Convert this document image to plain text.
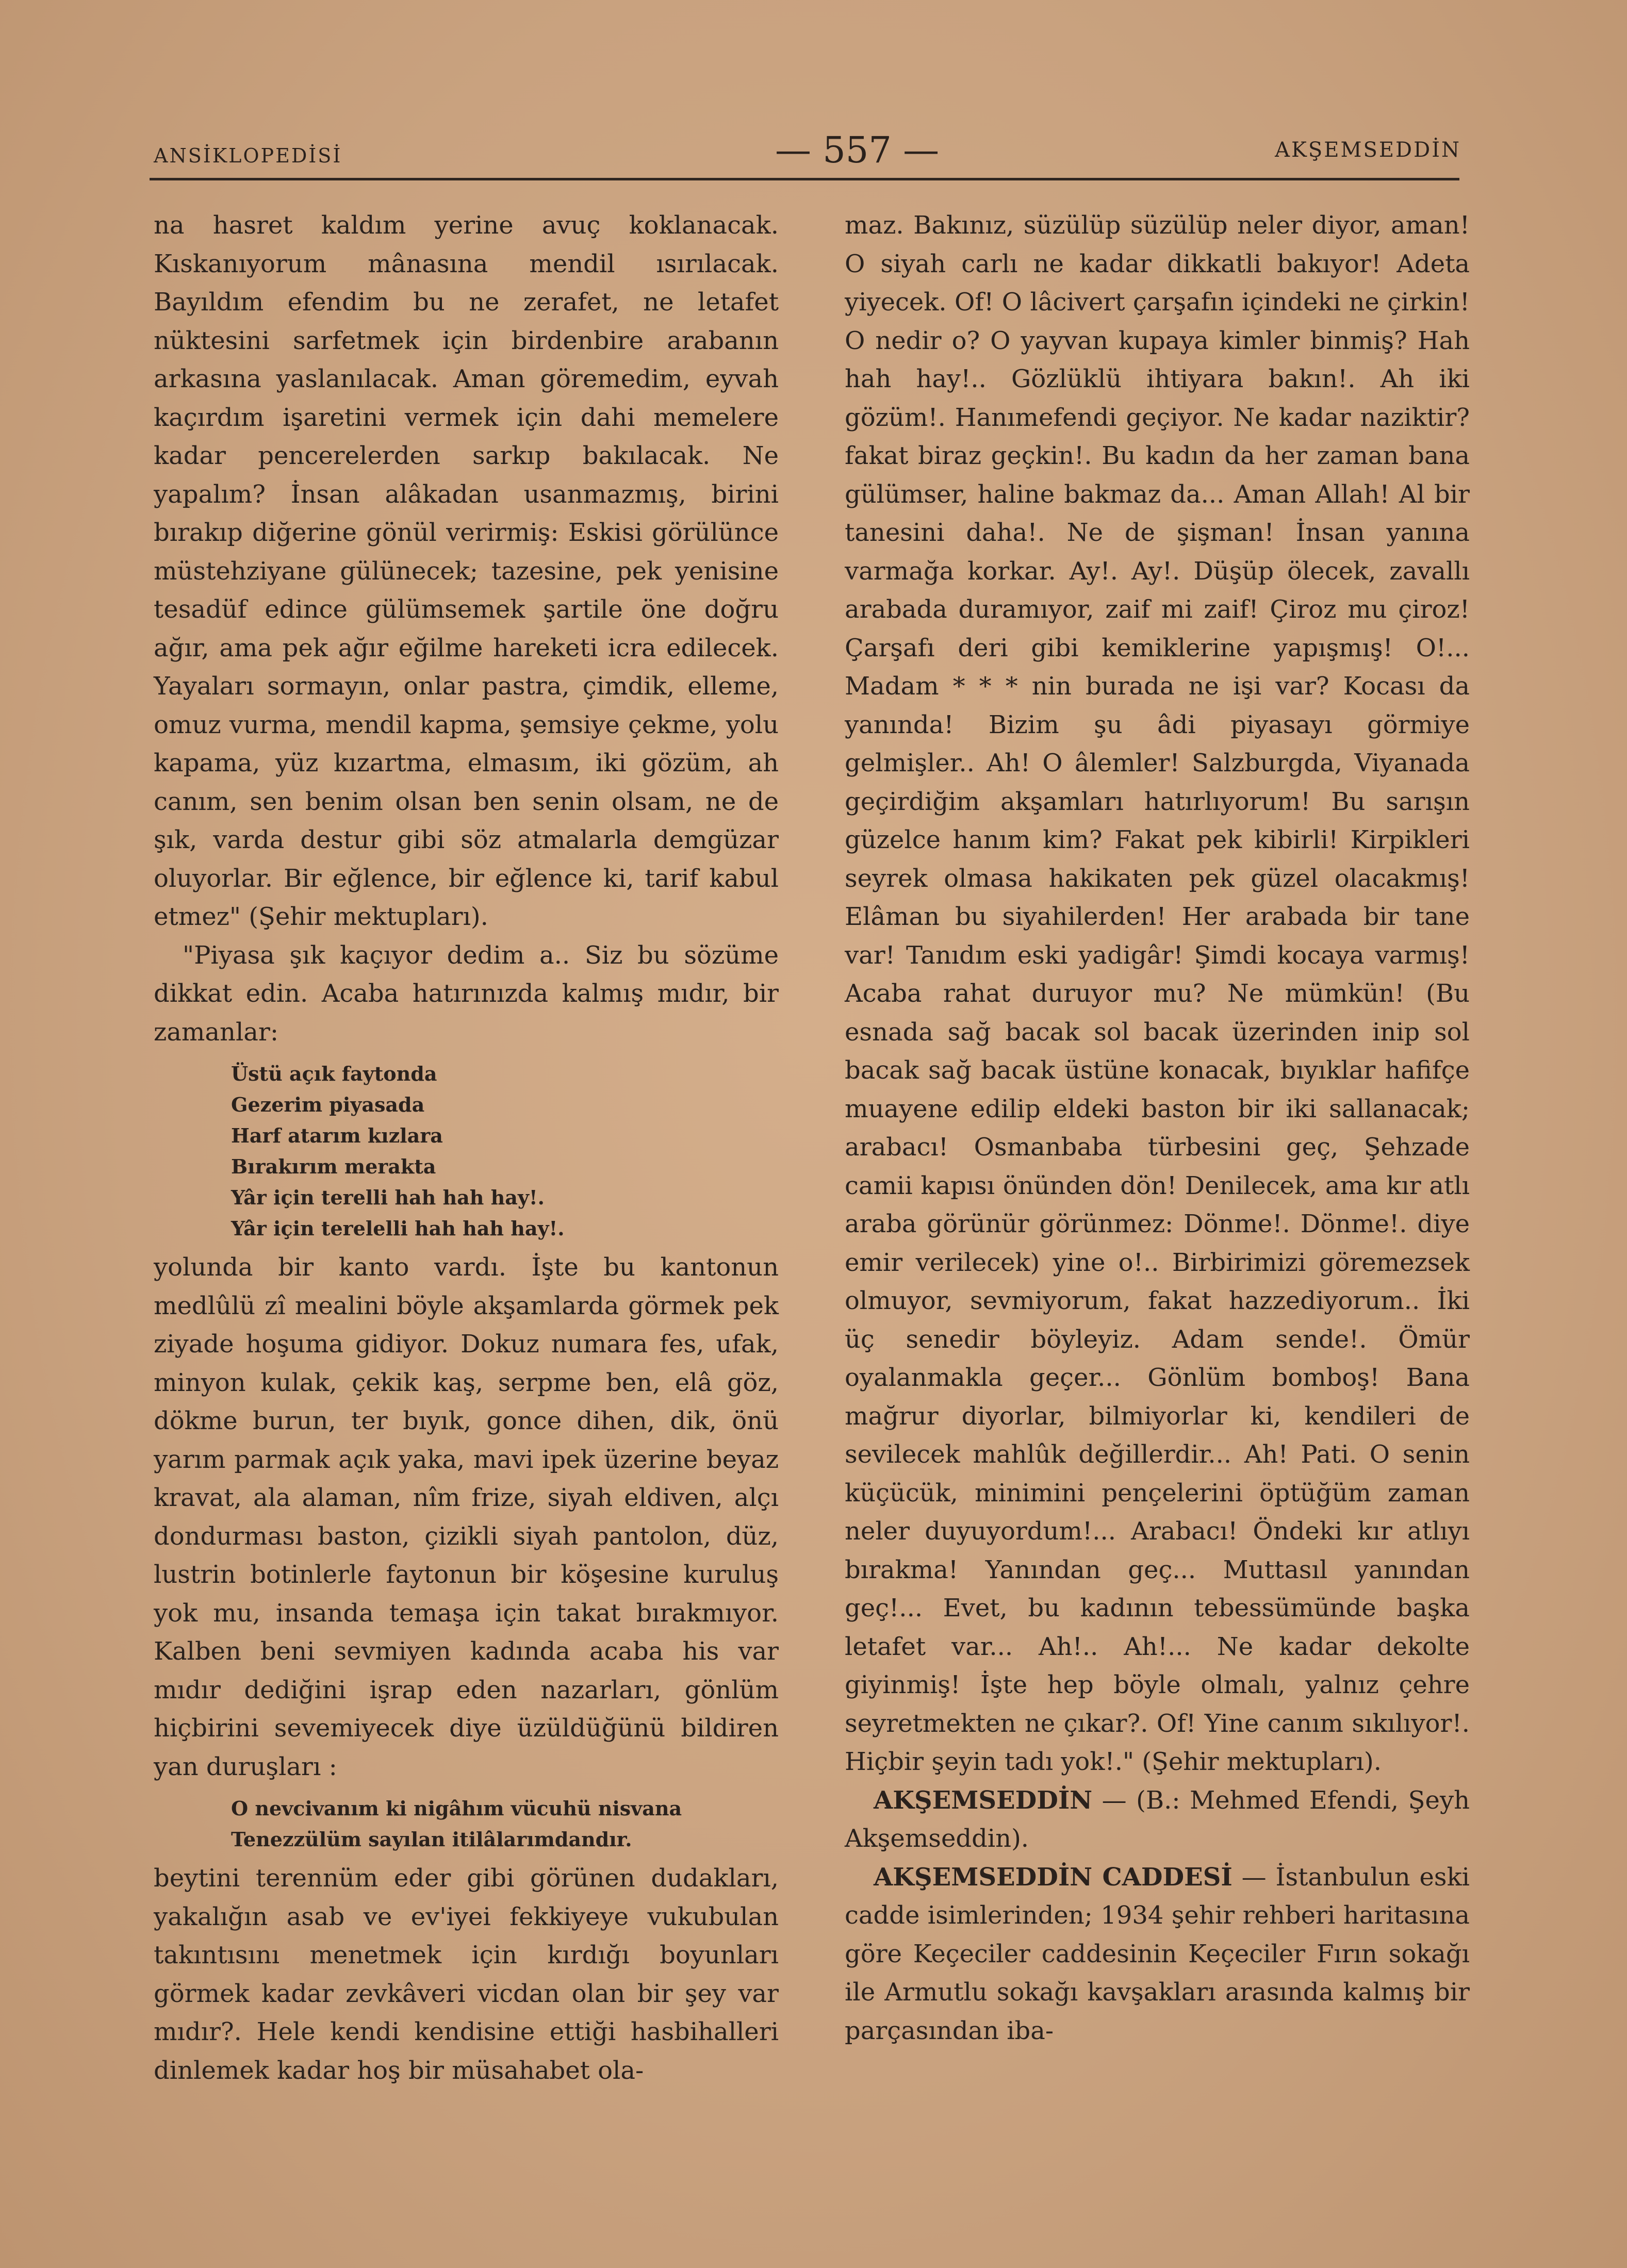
ANSİKLOPEDİSİ	— 557 —	AKŞEMSEDDİN

na hasret kaldım yerine avuç koklanacak. Kıskanıyorum mânasına mendil ısırılacak. Bayıldım efendim bu ne zerafet, ne letafet nüktesini sarfetmek için birdenbire arabanın arkasına yaslanılacak. Aman göremedim, eyvah kaçırdım işaretini vermek için dahi memelere kadar pencerelerden sarkıp bakılacak. Ne yapalım? İnsan alâkadan usanmazmış, birini bırakıp diğerine gönül verirmiş: Eskisi görülünce müstehziyane gülünecek; tazesine, pek yenisine tesadüf edince gülümsemek şartile öne doğru ağır, ama pek ağır eğilme hareketi icra edilecek. Yayaları sormayın, onlar pastra, çimdik, elleme, omuz vurma, mendil kapma, şemsiye çekme, yolu kapama, yüz kızartma, elmasım, iki gözüm, ah canım, sen benim olsan ben senin olsam, ne de şık, varda destur gibi söz atmalarla demgüzar oluyorlar. Bir eğlence, bir eğlence ki, tarif kabul etmez" (Şehir mektupları).

"Piyasa şık kaçıyor dedim a.. Siz bu sözüme dikkat edin. Acaba hatırınızda kalmış mıdır, bir zamanlar:

Üstü açık faytonda
Gezerim piyasada
Harf atarım kızlara
Bırakırım merakta
Yâr için terelli hah hah hay!.
Yâr için terelelli hah hah hay!.

yolunda bir kanto vardı. İşte bu kantonun medlûlü zî mealini böyle akşamlarda görmek pek ziyade hoşuma gidiyor. Dokuz numara fes, ufak, minyon kulak, çekik kaş, serpme ben, elâ göz, dökme burun, ter bıyık, gonce dihen, dik, önü yarım parmak açık yaka, mavi ipek üzerine beyaz kravat, ala alaman, nîm frize, siyah eldiven, alçı dondurması baston, çizikli siyah pantolon, düz, lustrin botinlerle faytonun bir köşesine kuruluş yok mu, insanda temaşa için takat bırakmıyor. Kalben beni sevmiyen kadında acaba his var mıdır dediğini işrap eden nazarları, gönlüm hiçbirini sevemiyecek diye üzüldüğünü bildiren yan duruşları :

O nevcivanım ki nigâhım vücuhü nisvana
Tenezzülüm sayılan itilâlarımdandır.

beytini terennüm eder gibi görünen dudakları, yakalığın asab ve ev'iyei fekkiyeye vukubulan takıntısını menetmek için kırdığı boyunları görmek kadar zevkâveri vicdan olan bir şey var mıdır?. Hele kendi kendisine ettiği hasbihalleri dinlemek kadar hoş bir müsahabet ola-

maz. Bakınız, süzülüp süzülüp neler diyor, aman! O siyah carlı ne kadar dikkatli bakıyor! Adeta yiyecek. Of! O lâcivert çarşafın içindeki ne çirkin! O nedir o? O yayvan kupaya kimler binmiş? Hah hah hay!.. Gözlüklü ihtiyara bakın!. Ah iki gözüm!. Hanımefendi geçiyor. Ne kadar naziktir? fakat biraz geçkin!. Bu kadın da her zaman bana gülümser, haline bakmaz da... Aman Allah! Al bir tanesini daha!. Ne de şişman! İnsan yanına varmağa korkar. Ay!. Ay!. Düşüp ölecek, zavallı arabada duramıyor, zaif mi zaif! Çiroz mu çiroz! Çarşafı deri gibi kemiklerine yapışmış! O!... Madam * * * nin burada ne işi var? Kocası da yanında! Bizim şu âdi piyasayı görmiye gelmişler.. Ah! O âlemler! Salzburgda, Viyanada geçirdiğim akşamları hatırlıyorum! Bu sarışın güzelce hanım kim? Fakat pek kibirli! Kirpikleri seyrek olmasa hakikaten pek güzel olacakmış! Elâman bu siyahilerden! Her arabada bir tane var! Tanıdım eski yadigâr! Şimdi kocaya varmış! Acaba rahat duruyor mu? Ne mümkün! (Bu esnada sağ bacak sol bacak üzerinden inip sol bacak sağ bacak üstüne konacak, bıyıklar hafifçe muayene edilip eldeki baston bir iki sallanacak; arabacı! Osmanbaba türbesini geç, Şehzade camii kapısı önünden dön! Denilecek, ama kır atlı araba görünür görünmez: Dönme!. Dönme!. diye emir verilecek) yine o!.. Birbirimizi göremezsek olmuyor, sevmiyorum, fakat hazzediyorum.. İki üç senedir böyleyiz. Adam sende!. Ömür oyalanmakla geçer... Gönlüm bomboş! Bana mağrur diyorlar, bilmiyorlar ki, kendileri de sevilecek mahlûk değillerdir... Ah! Pati. O senin küçücük, minimini pençelerini öptüğüm zaman neler duyuyordum!... Arabacı! Öndeki kır atlıyı bırakma! Yanından geç... Muttasıl yanından geç!... Evet, bu kadının tebessümünde başka letafet var... Ah!.. Ah!... Ne kadar dekolte giyinmiş! İşte hep böyle olmalı, yalnız çehre seyretmekten ne çıkar?. Of! Yine canım sıkılıyor!. Hiçbir şeyin tadı yok!." (Şehir mektupları).

AKŞEMSEDDİN — (B.: Mehmed Efendi, Şeyh Akşemseddin).

AKŞEMSEDDİN CADDESİ — İstanbulun eski cadde isimlerinden; 1934 şehir rehberi haritasına göre Keçeciler caddesinin Keçeciler Fırın sokağı ile Armutlu sokağı kavşakları arasında kalmış bir parçasından iba-
